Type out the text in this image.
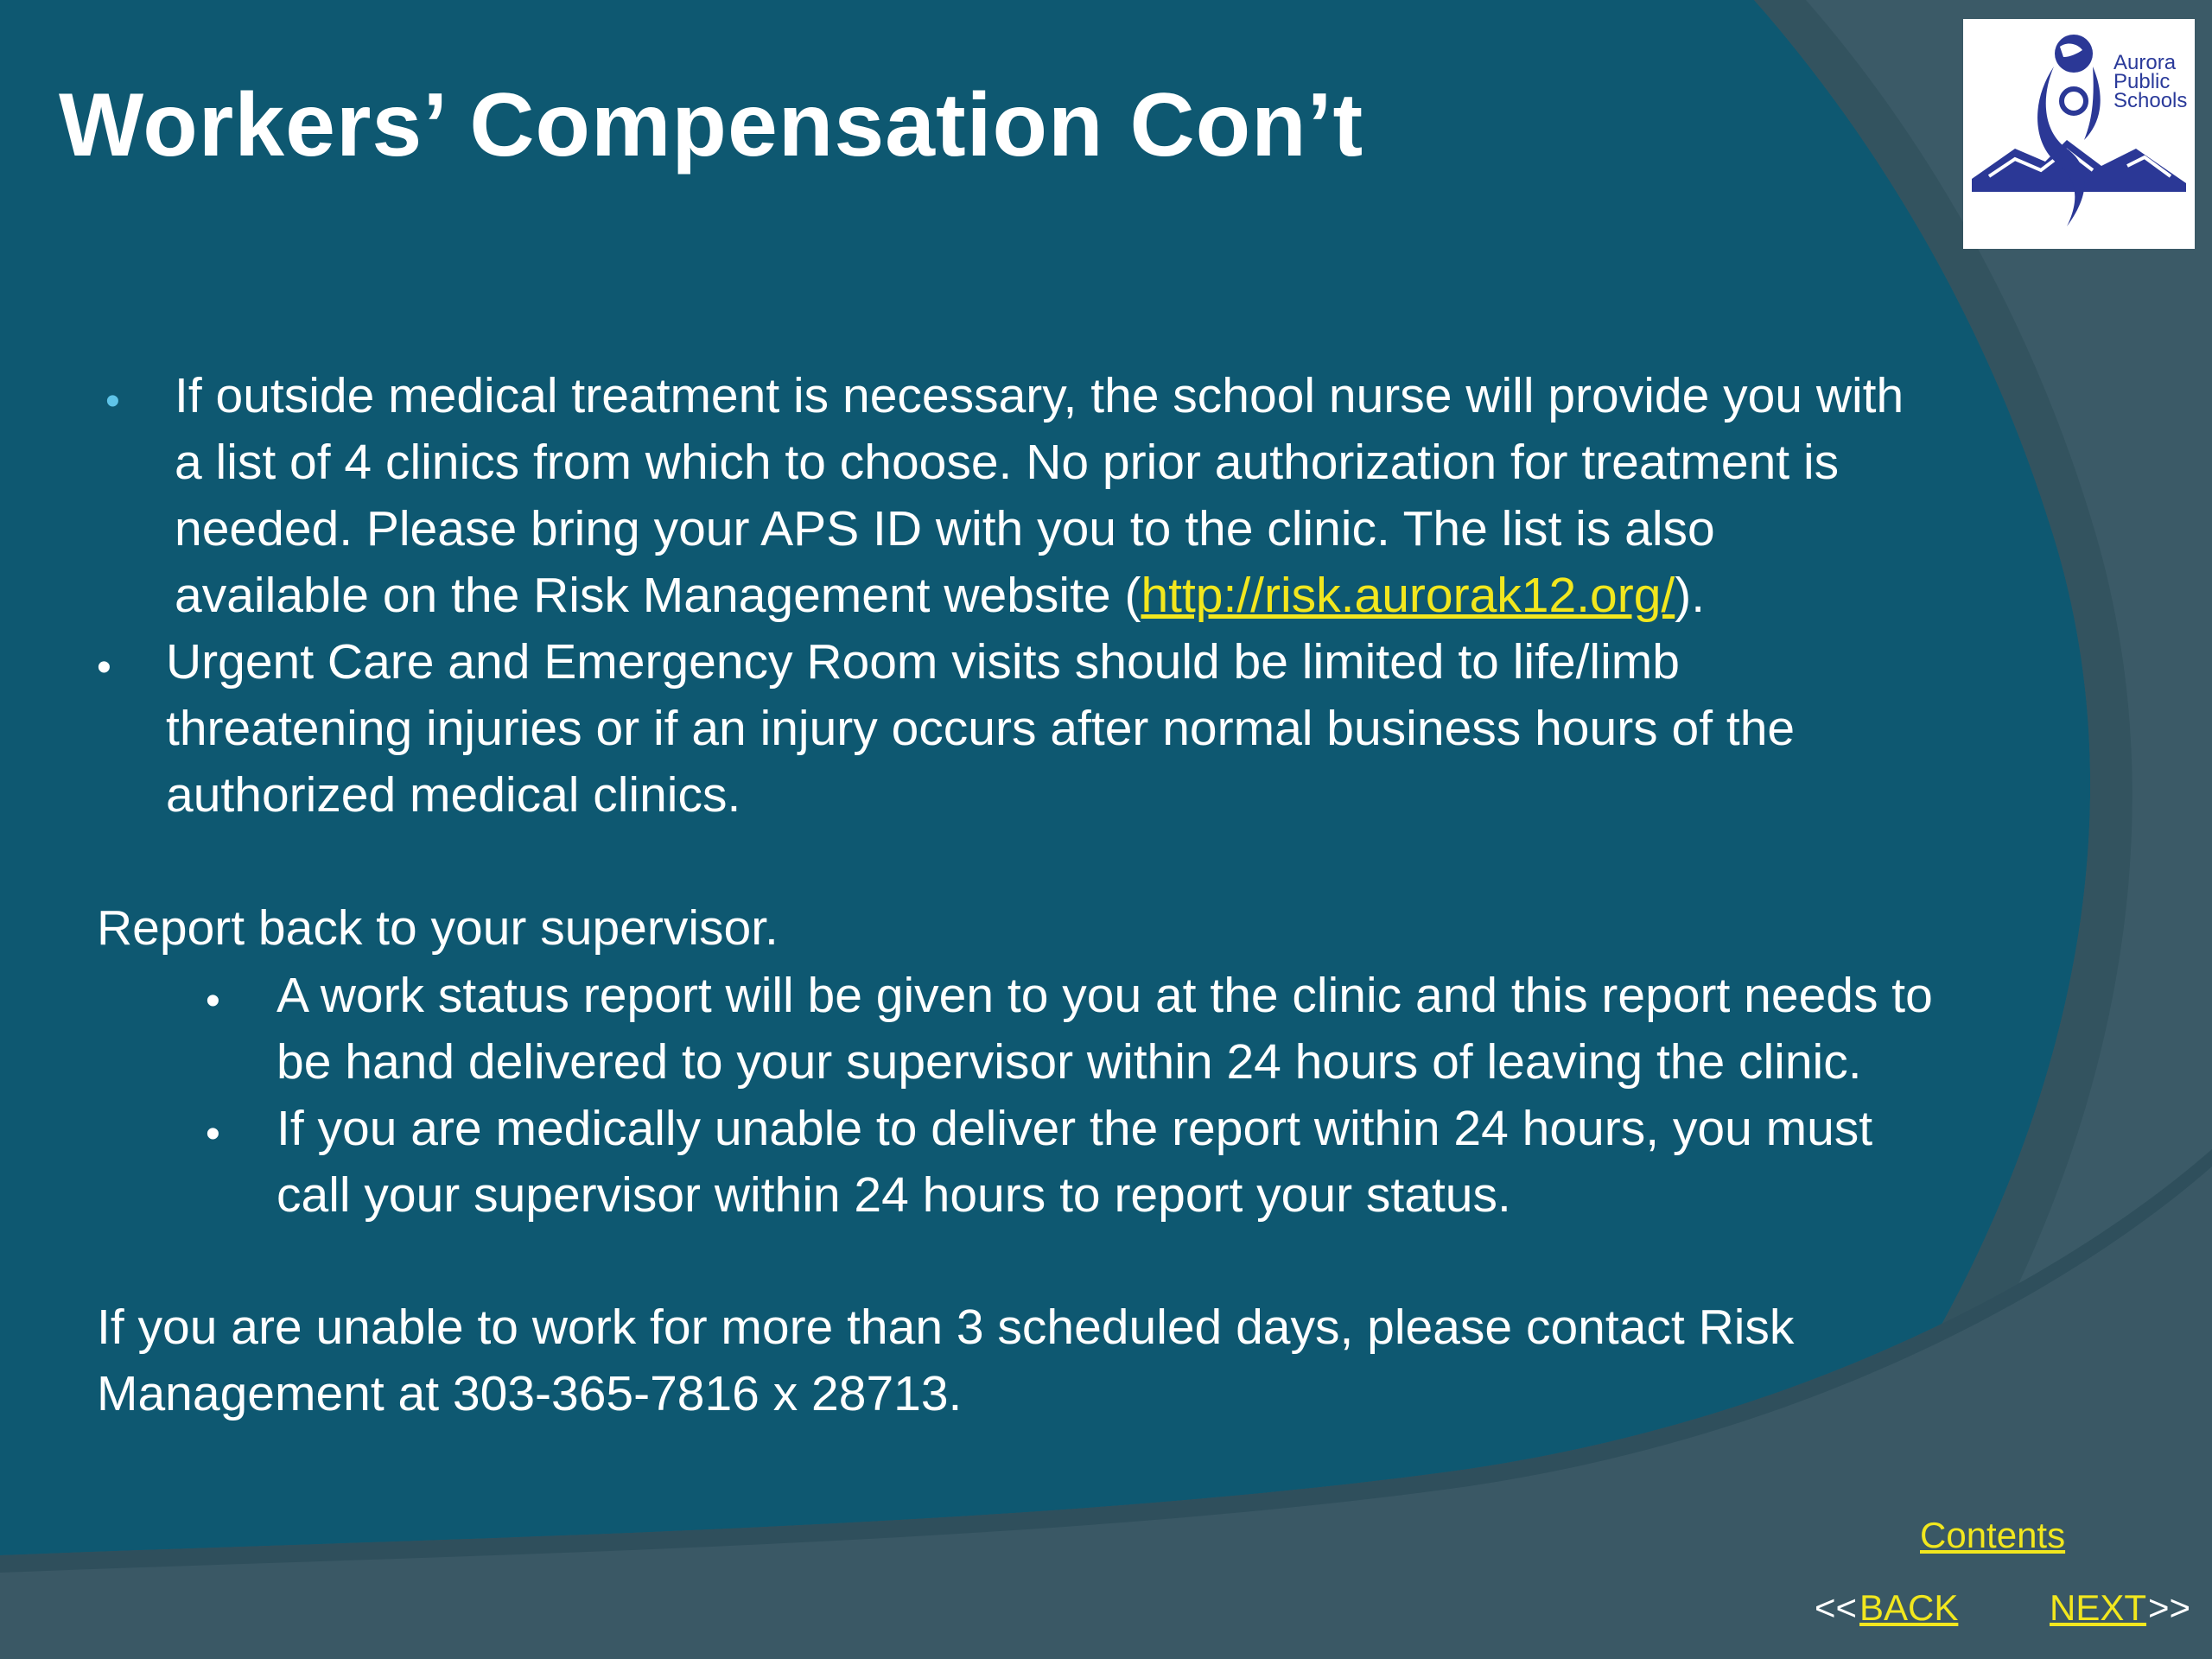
Workers’ Compensation Con’t
Aurora
Public
Schools
• If outside medical treatment is necessary, the school nurse will provide you with
a list of 4 clinics from which to choose. No prior authorization for treatment is
needed. Please bring your APS ID with you to the clinic. The list is also
available on the Risk Management website (http://risk.aurorak12.org/).
• Urgent Care and Emergency Room visits should be limited to life/limb
threatening injuries or if an injury occurs after normal business hours of the
authorized medical clinics.
Report back to your supervisor.
• A work status report will be given to you at the clinic and this report needs to
be hand delivered to your supervisor within 24 hours of leaving the clinic.
• If you are medically unable to deliver the report within 24 hours, you must
call your supervisor within 24 hours to report your status.
If you are unable to work for more than 3 scheduled days, please contact Risk
Management at 303-365-7816 x 28713.
Contents
<< BACK	NEXT >>
